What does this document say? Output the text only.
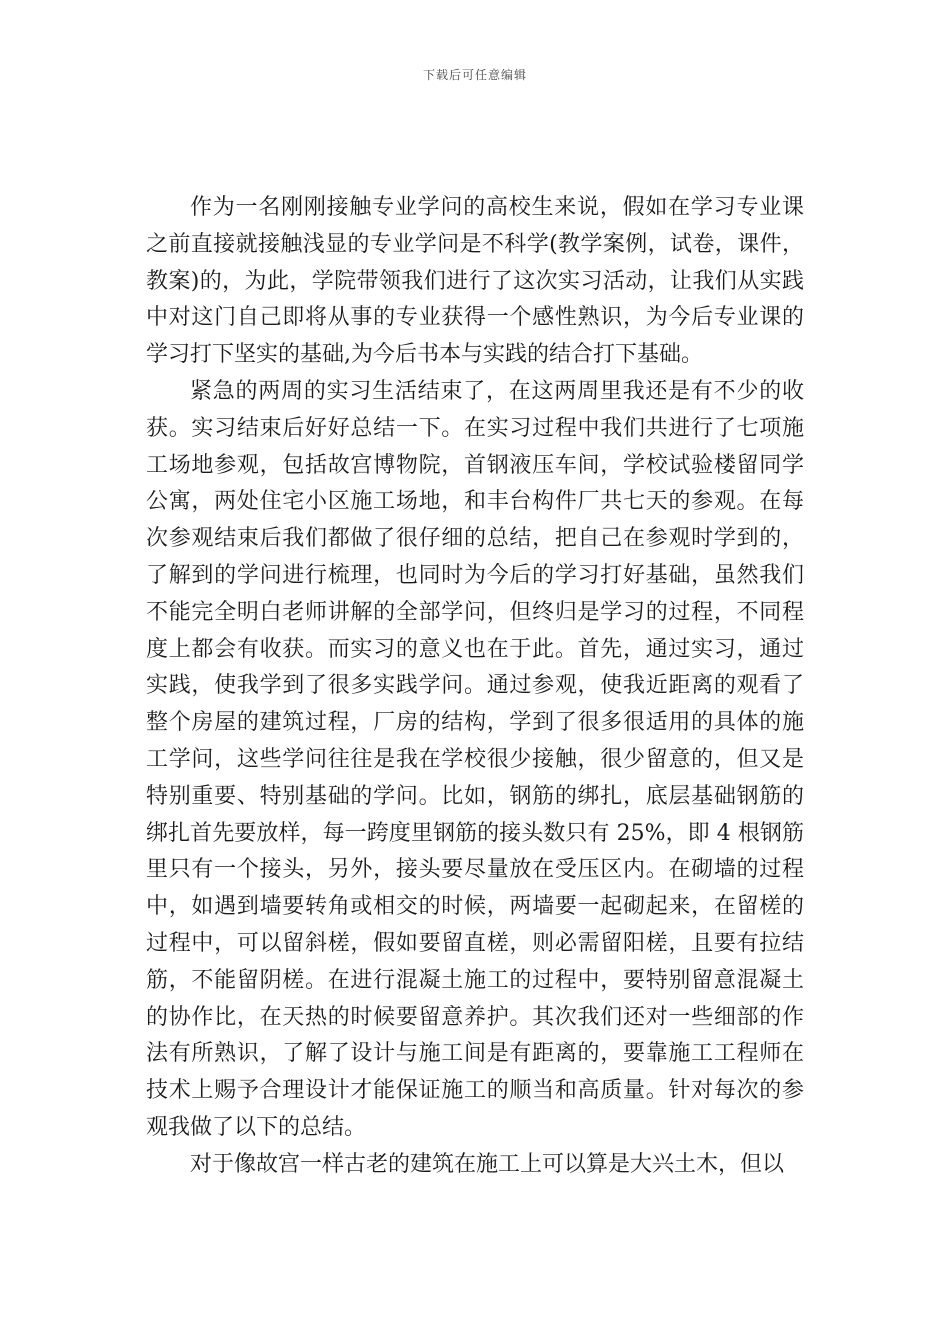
下载后可任意编辑

作为一名刚刚接触专业学问的高校生来说，假如在学习专业课之前直接就接触浅显的专业学问是不科学(教学案例，试卷，课件，教案)的，为此，学院带领我们进行了这次实习活动，让我们从实践中对这门自己即将从事的专业获得一个感性熟识，为今后专业课的学习打下坚实的基础,为今后书本与实践的结合打下基础。

紧急的两周的实习生活结束了，在这两周里我还是有不少的收获。实习结束后好好总结一下。在实习过程中我们共进行了七项施工场地参观，包括故宫博物院，首钢液压车间，学校试验楼留同学公寓，两处住宅小区施工场地，和丰台构件厂共七天的参观。在每次参观结束后我们都做了很仔细的总结，把自己在参观时学到的，了解到的学问进行梳理，也同时为今后的学习打好基础，虽然我们不能完全明白老师讲解的全部学问，但终归是学习的过程，不同程度上都会有收获。而实习的意义也在于此。首先，通过实习，通过实践，使我学到了很多实践学问。通过参观，使我近距离的观看了整个房屋的建筑过程，厂房的结构，学到了很多很适用的具体的施工学问，这些学问往往是我在学校很少接触，很少留意的，但又是特别重要、特别基础的学问。比如，钢筋的绑扎，底层基础钢筋的绑扎首先要放样，每一跨度里钢筋的接头数只有 25%，即 4 根钢筋里只有一个接头，另外，接头要尽量放在受压区内。在砌墙的过程中，如遇到墙要转角或相交的时候，两墙要一起砌起来，在留槎的过程中，可以留斜槎，假如要留直槎，则必需留阳槎，且要有拉结筋，不能留阴槎。在进行混凝土施工的过程中，要特别留意混凝土的协作比，在天热的时候要留意养护。其次我们还对一些细部的作法有所熟识，了解了设计与施工间是有距离的，要靠施工工程师在技术上赐予合理设计才能保证施工的顺当和高质量。针对每次的参观我做了以下的总结。

对于像故宫一样古老的建筑在施工上可以算是大兴土木，但以
